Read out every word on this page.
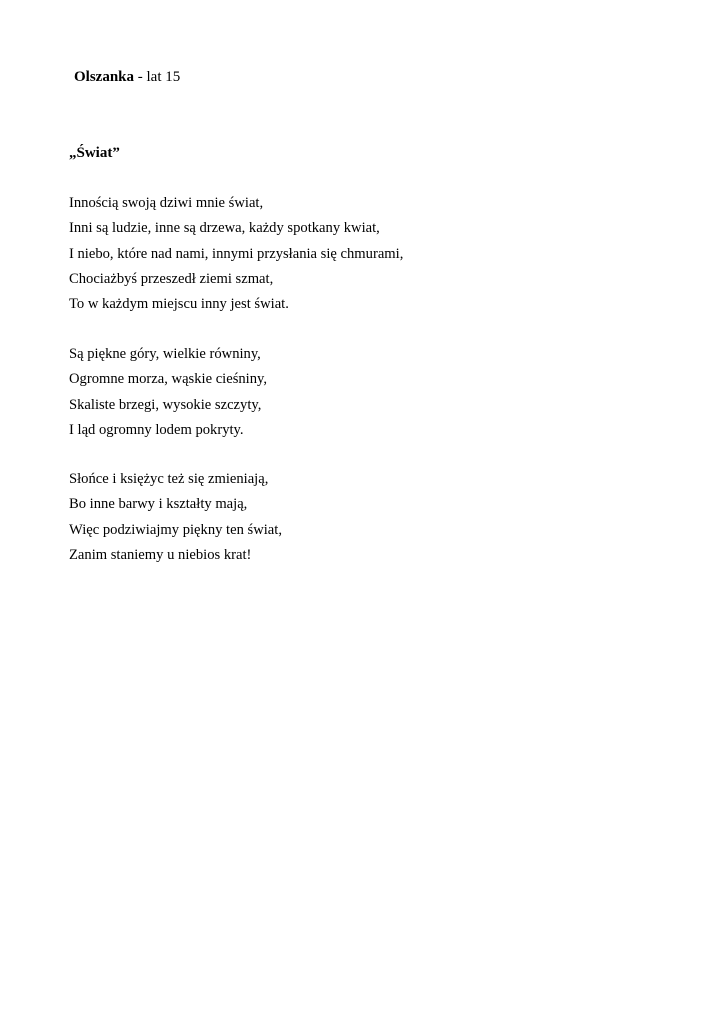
Olszanka - lat 15
„Świat”
Innością swoją dziwi mnie świat,
Inni są ludzie, inne są drzewa, każdy spotkany kwiat,
I niebo, które nad nami, innymi przysłania się chmurami,
Chociażbyś przeszedł ziemi szmat,
To w każdym miejscu inny jest świat.
Są piękne góry, wielkie równiny,
Ogromne morza, wąskie cieśniny,
Skaliste brzegi, wysokie szczyty,
I ląd ogromny lodem pokryty.
Słońce i księżyc też się zmieniają,
Bo inne barwy i kształty mają,
Więc podziwiajmy piękny ten świat,
Zanim staniemy u niebios krat!
